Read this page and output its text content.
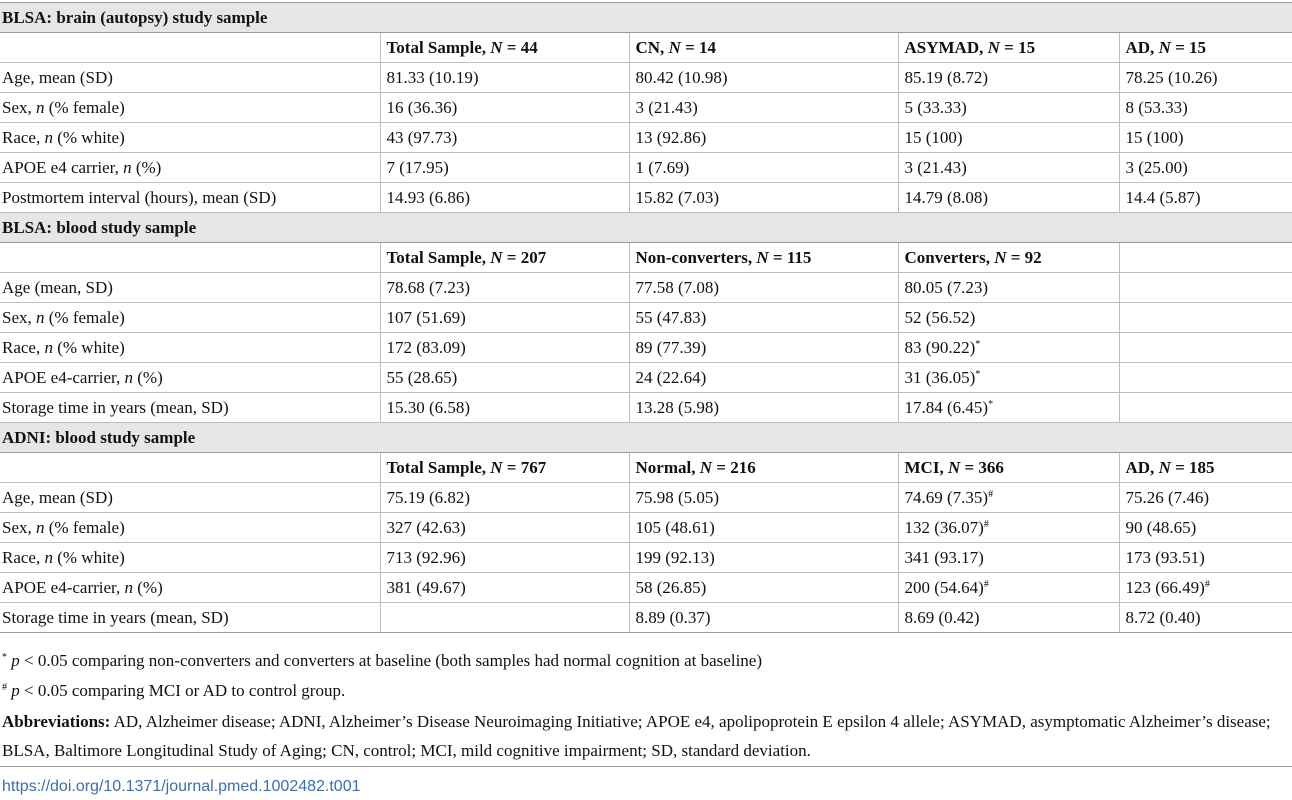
BLSA: brain (autopsy) study sample				
	Total Sample, N = 44	CN, N = 14	ASYMAD, N = 15	AD, N = 15
Age, mean (SD)	81.33 (10.19)	80.42 (10.98)	85.19 (8.72)	78.25 (10.26)
Sex, n (% female)	16 (36.36)	3 (21.43)	5 (33.33)	8 (53.33)
Race, n (% white)	43 (97.73)	13 (92.86)	15 (100)	15 (100)
APOE e4 carrier, n (%)	7 (17.95)	1 (7.69)	3 (21.43)	3 (25.00)
Postmortem interval (hours), mean (SD)	14.93 (6.86)	15.82 (7.03)	14.79 (8.08)	14.4 (5.87)
BLSA: blood study sample				
	Total Sample, N = 207	Non-converters, N = 115	Converters, N = 92	
Age (mean, SD)	78.68 (7.23)	77.58 (7.08)	80.05 (7.23)	
Sex, n (% female)	107 (51.69)	55 (47.83)	52 (56.52)	
Race, n (% white)	172 (83.09)	89 (77.39)	83 (90.22)*	
APOE e4-carrier, n (%)	55 (28.65)	24 (22.64)	31 (36.05)*	
Storage time in years (mean, SD)	15.30 (6.58)	13.28 (5.98)	17.84 (6.45)*	
ADNI: blood study sample				
	Total Sample, N = 767	Normal, N = 216	MCI, N = 366	AD, N = 185
Age, mean (SD)	75.19 (6.82)	75.98 (5.05)	74.69 (7.35)#	75.26 (7.46)
Sex, n (% female)	327 (42.63)	105 (48.61)	132 (36.07)#	90 (48.65)
Race, n (% white)	713 (92.96)	199 (92.13)	341 (93.17)	173 (93.51)
APOE e4-carrier, n (%)	381 (49.67)	58 (26.85)	200 (54.64)#	123 (66.49)#
Storage time in years (mean, SD)		8.89 (0.37)	8.69 (0.42)	8.72 (0.40)
* p < 0.05 comparing non-converters and converters at baseline (both samples had normal cognition at baseline)
# p < 0.05 comparing MCI or AD to control group.
Abbreviations: AD, Alzheimer disease; ADNI, Alzheimer’s Disease Neuroimaging Initiative; APOE e4, apolipoprotein E epsilon 4 allele; ASYMAD, asymptomatic Alzheimer’s disease; BLSA, Baltimore Longitudinal Study of Aging; CN, control; MCI, mild cognitive impairment; SD, standard deviation.
https://doi.org/10.1371/journal.pmed.1002482.t001
